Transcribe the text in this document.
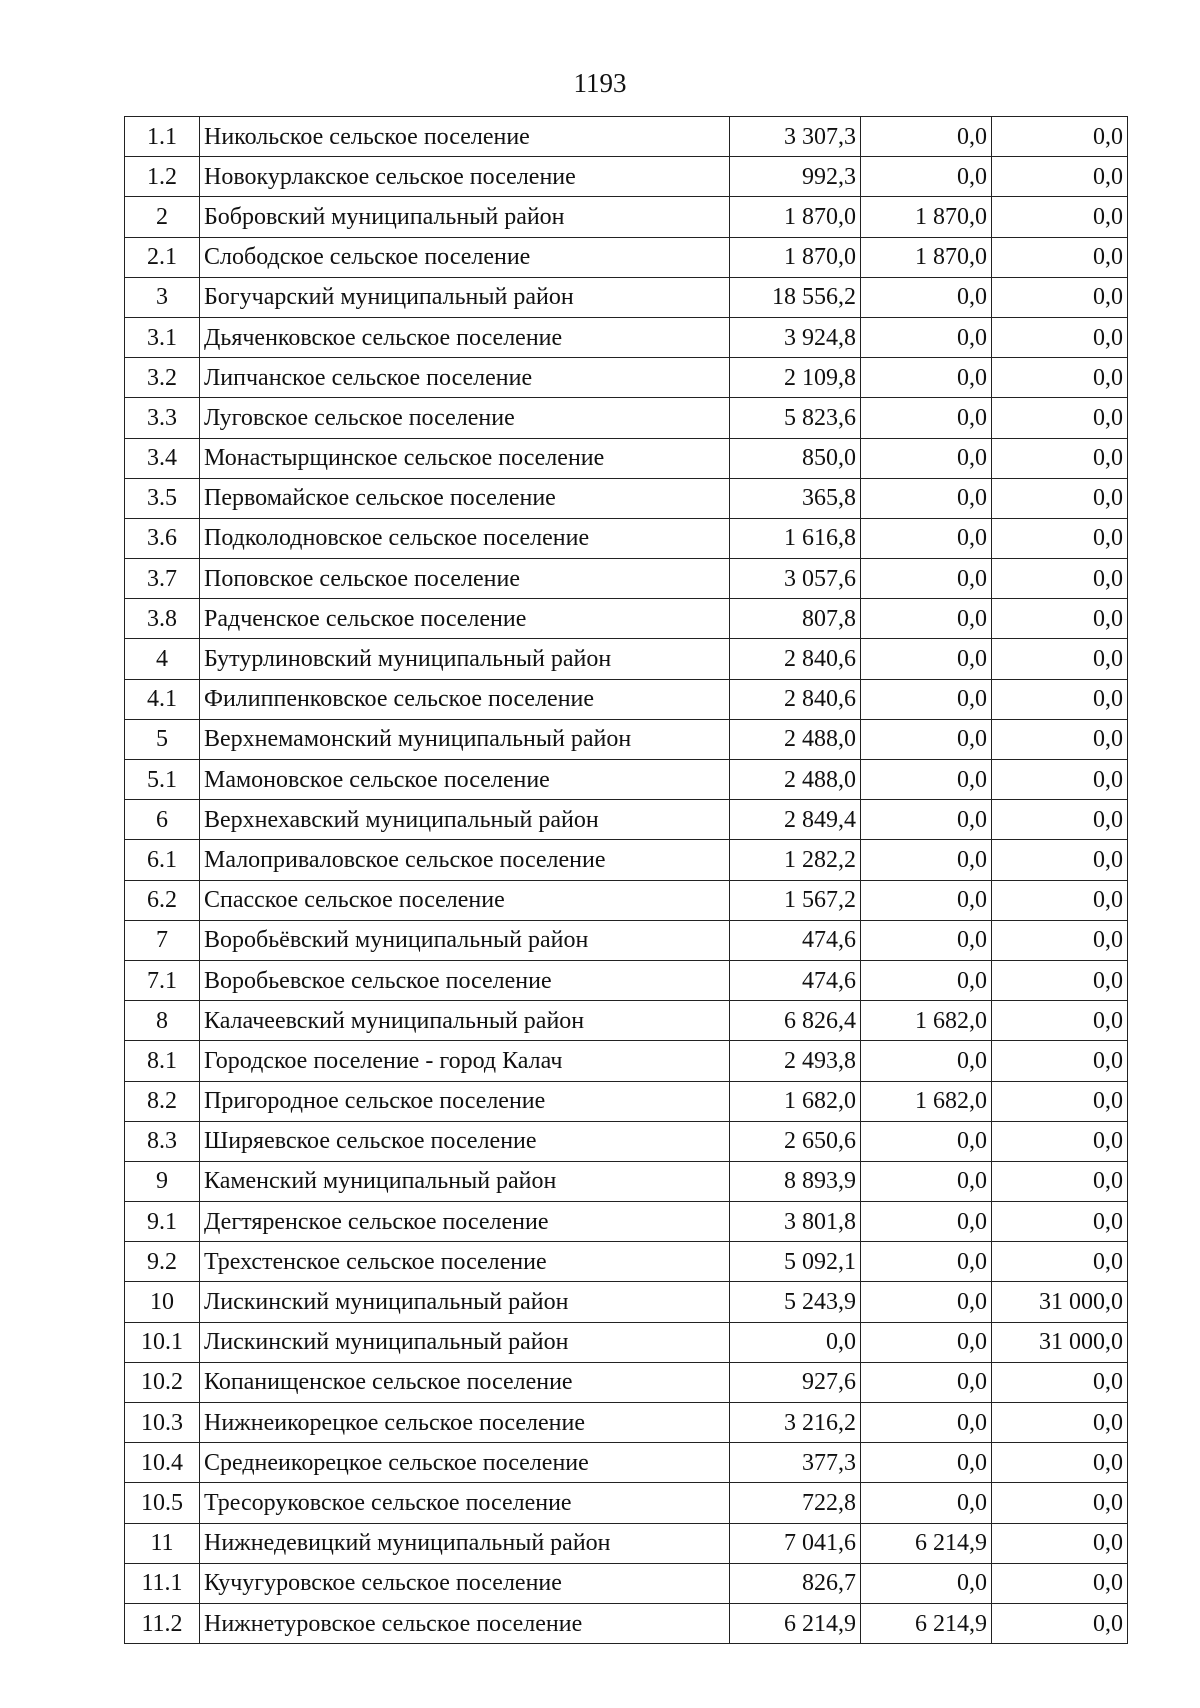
1193
1.1	Никольское сельское поселение	3 307,3	0,0	0,0
1.2	Новокурлакское сельское поселение	992,3	0,0	0,0
2	Бобровский муниципальный район	1 870,0	1 870,0	0,0
2.1	Слободское сельское поселение	1 870,0	1 870,0	0,0
3	Богучарский муниципальный район	18 556,2	0,0	0,0
3.1	Дьяченковское сельское поселение	3 924,8	0,0	0,0
3.2	Липчанское сельское поселение	2 109,8	0,0	0,0
3.3	Луговское сельское поселение	5 823,6	0,0	0,0
3.4	Монастырщинское сельское поселение	850,0	0,0	0,0
3.5	Первомайское сельское поселение	365,8	0,0	0,0
3.6	Подколодновское сельское поселение	1 616,8	0,0	0,0
3.7	Поповское сельское поселение	3 057,6	0,0	0,0
3.8	Радченское сельское поселение	807,8	0,0	0,0
4	Бутурлиновский муниципальный район	2 840,6	0,0	0,0
4.1	Филиппенковское сельское поселение	2 840,6	0,0	0,0
5	Верхнемамонский муниципальный район	2 488,0	0,0	0,0
5.1	Мамоновское сельское поселение	2 488,0	0,0	0,0
6	Верхнехавский муниципальный район	2 849,4	0,0	0,0
6.1	Малоприваловское сельское поселение	1 282,2	0,0	0,0
6.2	Спасское сельское поселение	1 567,2	0,0	0,0
7	Воробьёвский муниципальный район	474,6	0,0	0,0
7.1	Воробьевское сельское поселение	474,6	0,0	0,0
8	Калачеевский муниципальный район	6 826,4	1 682,0	0,0
8.1	Городское поселение - город Калач	2 493,8	0,0	0,0
8.2	Пригородное сельское поселение	1 682,0	1 682,0	0,0
8.3	Ширяевское сельское поселение	2 650,6	0,0	0,0
9	Каменский муниципальный район	8 893,9	0,0	0,0
9.1	Дегтяренское сельское поселение	3 801,8	0,0	0,0
9.2	Трехстенское сельское поселение	5 092,1	0,0	0,0
10	Лискинский муниципальный район	5 243,9	0,0	31 000,0
10.1	Лискинский муниципальный район	0,0	0,0	31 000,0
10.2	Копанищенское сельское поселение	927,6	0,0	0,0
10.3	Нижнеикорецкое сельское поселение	3 216,2	0,0	0,0
10.4	Среднеикорецкое сельское поселение	377,3	0,0	0,0
10.5	Тресоруковское сельское поселение	722,8	0,0	0,0
11	Нижнедевицкий муниципальный район	7 041,6	6 214,9	0,0
11.1	Кучугуровское сельское поселение	826,7	0,0	0,0
11.2	Нижнетуровское сельское поселение	6 214,9	6 214,9	0,0
